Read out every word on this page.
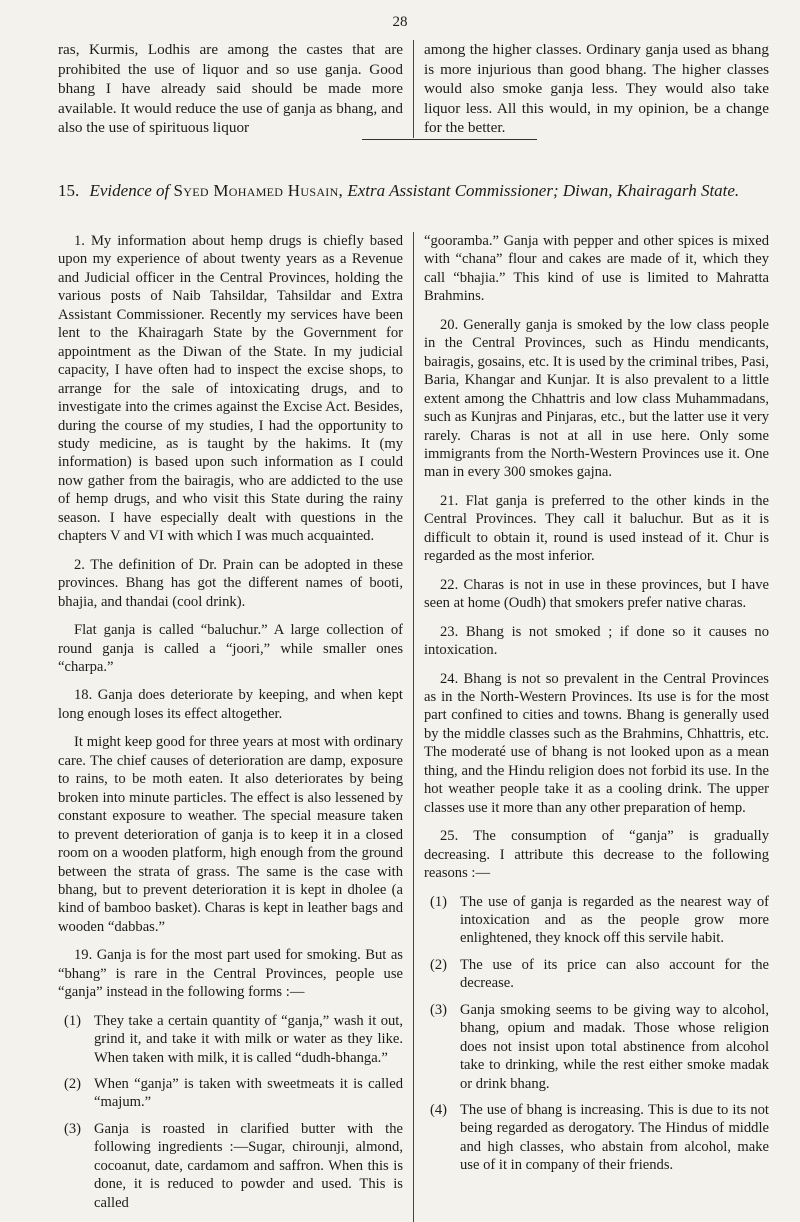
28

ras, Kurmis, Lodhis are among the castes that are prohibited the use of liquor and so use ganja. Good bhang I have already said should be made more available. It would reduce the use of ganja as bhang, and also the use of spirituous liquor

among the higher classes. Ordinary ganja used as bhang is more injurious than good bhang. The higher classes would also smoke ganja less. They would also take liquor less. All this would, in my opinion, be a change for the better.

15. Evidence of Syed Mohamed Husain, Extra Assistant Commissioner; Diwan, Khairagarh State.

1. My information about hemp drugs is chiefly based upon my experience of about twenty years as a Revenue and Judicial officer in the Central Provinces, holding the various posts of Naib Tahsildar, Tahsildar and Extra Assistant Commissioner. Recently my services have been lent to the Khairagarh State by the Government for appointment as the Diwan of the State. In my judicial capacity, I have often had to inspect the excise shops, to arrange for the sale of intoxicating drugs, and to investigate into the crimes against the Excise Act. Besides, during the course of my studies, I had the opportunity to study medicine, as is taught by the hakims. It (my information) is based upon such information as I could now gather from the bairagis, who are addicted to the use of hemp drugs, and who visit this State during the rainy season. I have especially dealt with questions in the chapters V and VI with which I was much acquainted.

2. The definition of Dr. Prain can be adopted in these provinces. Bhang has got the different names of booti, bhajia, and thandai (cool drink).

Flat ganja is called “baluchur.” A large collection of round ganja is called a “joori,” while smaller ones “charpa.”

18. Ganja does deteriorate by keeping, and when kept long enough loses its effect altogether.

It might keep good for three years at most with ordinary care. The chief causes of deterioration are damp, exposure to rains, to be moth eaten. It also deteriorates by being broken into minute particles. The effect is also lessened by constant exposure to weather. The special measure taken to prevent deterioration of ganja is to keep it in a closed room on a wooden platform, high enough from the ground between the strata of grass. The same is the case with bhang, but to prevent deterioration it is kept in dholee (a kind of bamboo basket). Charas is kept in leather bags and wooden “dabbas.”

19. Ganja is for the most part used for smoking. But as “bhang” is rare in the Central Provinces, people use “ganja” instead in the following forms :—

(1) They take a certain quantity of “ganja,” wash it out, grind it, and take it with milk or water as they like. When taken with milk, it is called “dudh-bhanga.”
(2) When “ganja” is taken with sweetmeats it is called “majum.”
(3) Ganja is roasted in clarified butter with the following ingredients :—Sugar, chirounji, almond, cocoanut, date, cardamom and saffron. When this is done, it is reduced to powder and used. This is called

“gooramba.” Ganja with pepper and other spices is mixed with “chana” flour and cakes are made of it, which they call “bhajia.” This kind of use is limited to Mahratta Brahmins.

20. Generally ganja is smoked by the low class people in the Central Provinces, such as Hindu mendicants, bairagis, gosains, etc. It is used by the criminal tribes, Pasi, Baria, Khangar and Kunjar. It is also prevalent to a little extent among the Chhattris and low class Muhammadans, such as Kunjras and Pinjaras, etc., but the latter use it very rarely. Charas is not at all in use here. Only some immigrants from the North-Western Provinces use it. One man in every 300 smokes gajna.

21. Flat ganja is preferred to the other kinds in the Central Provinces. They call it baluchur. But as it is difficult to obtain it, round is used instead of it. Chur is regarded as the most inferior.

22. Charas is not in use in these provinces, but I have seen at home (Oudh) that smokers prefer native charas.

23. Bhang is not smoked ; if done so it causes no intoxication.

24. Bhang is not so prevalent in the Central Provinces as in the North-Western Provinces. Its use is for the most part confined to cities and towns. Bhang is generally used by the middle classes such as the Brahmins, Chhattris, etc. The moderaté use of bhang is not looked upon as a mean thing, and the Hindu religion does not forbid its use. In the hot weather people take it as a cooling drink. The upper classes use it more than any other preparation of hemp.

25. The consumption of “ganja” is gradually decreasing. I attribute this decrease to the following reasons :—

(1) The use of ganja is regarded as the nearest way of intoxication and as the people grow more enlightened, they knock off this servile habit.
(2) The use of its price can also account for the decrease.
(3) Ganja smoking seems to be giving way to alcohol, bhang, opium and madak. Those whose religion does not insist upon total abstinence from alcohol take to drinking, while the rest either smoke madak or drink bhang.
(4) The use of bhang is increasing. This is due to its not being regarded as derogatory. The Hindus of middle and high classes, who abstain from alcohol, make use of it in company of their friends.
